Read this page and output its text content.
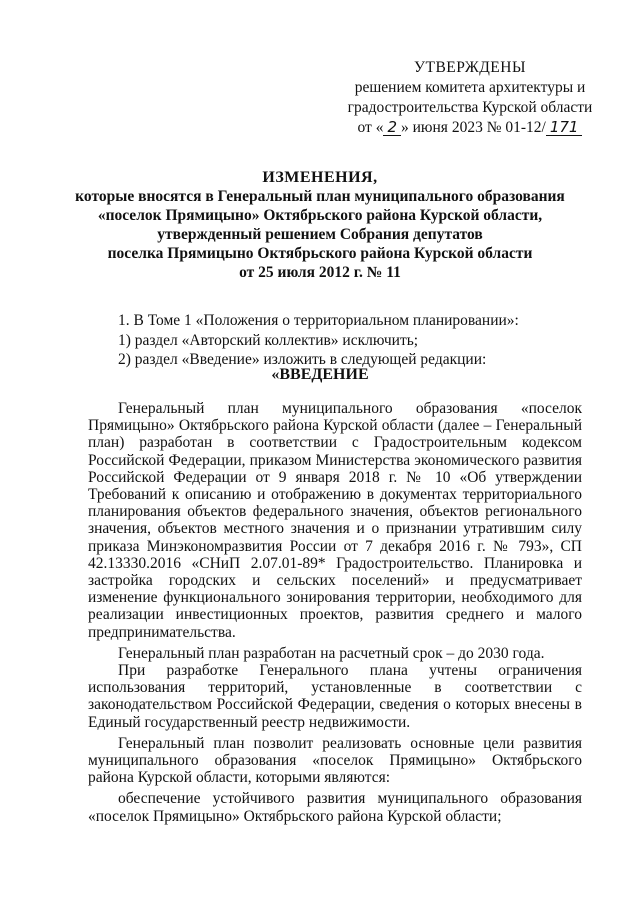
УТВЕРЖДЕНЫ
решением комитета архитектуры и
градостроительства Курской области
от « 2 » июня 2023 № 01-12/ 171
ИЗМЕНЕНИЯ,
которые вносятся в Генеральный план муниципального образования
«поселок Прямицыно» Октябрьского района Курской области,
утвержденный решением Собрания депутатов
поселка Прямицыно Октябрьского района Курской области
от 25 июля 2012 г. № 11
1. В Томе 1 «Положения о территориальном планировании»:
1) раздел «Авторский коллектив» исключить;
2) раздел «Введение» изложить в следующей редакции:
«ВВЕДЕНИЕ

Генеральный план муниципального образования «поселок Прямицыно» Октябрьского района Курской области (далее – Генеральный план) разработан в соответствии с Градостроительным кодексом Российской Федерации, приказом Министерства экономического развития Российской Федерации от 9 января 2018 г. № 10 «Об утверждении Требований к описанию и отображению в документах территориального планирования объектов федерального значения, объектов регионального значения, объектов местного значения и о признании утратившим силу приказа Минэкономразвития России от 7 декабря 2016 г. № 793», СП 42.13330.2016 «СНиП 2.07.01-89* Градостроительство. Планировка и застройка городских и сельских поселений» и предусматривает изменение функционального зонирования территории, необходимого для реализации инвестиционных проектов, развития среднего и малого предпринимательства.

Генеральный план разработан на расчетный срок – до 2030 года.

При разработке Генерального плана учтены ограничения использования территорий, установленные в соответствии с законодательством Российской Федерации, сведения о которых внесены в Единый государственный реестр недвижимости.

Генеральный план позволит реализовать основные цели развития муниципального образования «поселок Прямицыно» Октябрьского района Курской области, которыми являются:

обеспечение устойчивого развития муниципального образования «поселок Прямицыно» Октябрьского района Курской области;
